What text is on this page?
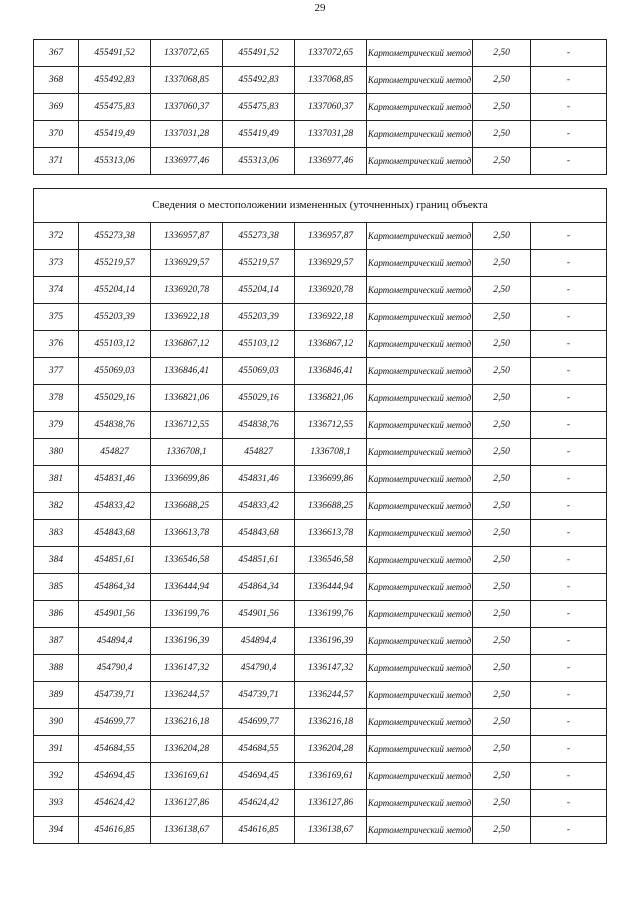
29
367	455491,52	1337072,65	455491,52	1337072,65	Картометрический метод	2,50	-
368	455492,83	1337068,85	455492,83	1337068,85	Картометрический метод	2,50	-
369	455475,83	1337060,37	455475,83	1337060,37	Картометрический метод	2,50	-
370	455419,49	1337031,28	455419,49	1337031,28	Картометрический метод	2,50	-
371	455313,06	1336977,46	455313,06	1336977,46	Картометрический метод	2,50	-
Сведения о местоположении измененных (уточненных) границ объекта							
372	455273,38	1336957,87	455273,38	1336957,87	Картометрический метод	2,50	-
373	455219,57	1336929,57	455219,57	1336929,57	Картометрический метод	2,50	-
374	455204,14	1336920,78	455204,14	1336920,78	Картометрический метод	2,50	-
375	455203,39	1336922,18	455203,39	1336922,18	Картометрический метод	2,50	-
376	455103,12	1336867,12	455103,12	1336867,12	Картометрический метод	2,50	-
377	455069,03	1336846,41	455069,03	1336846,41	Картометрический метод	2,50	-
378	455029,16	1336821,06	455029,16	1336821,06	Картометрический метод	2,50	-
379	454838,76	1336712,55	454838,76	1336712,55	Картометрический метод	2,50	-
380	454827	1336708,1	454827	1336708,1	Картометрический метод	2,50	-
381	454831,46	1336699,86	454831,46	1336699,86	Картометрический метод	2,50	-
382	454833,42	1336688,25	454833,42	1336688,25	Картометрический метод	2,50	-
383	454843,68	1336613,78	454843,68	1336613,78	Картометрический метод	2,50	-
384	454851,61	1336546,58	454851,61	1336546,58	Картометрический метод	2,50	-
385	454864,34	1336444,94	454864,34	1336444,94	Картометрический метод	2,50	-
386	454901,56	1336199,76	454901,56	1336199,76	Картометрический метод	2,50	-
387	454894,4	1336196,39	454894,4	1336196,39	Картометрический метод	2,50	-
388	454790,4	1336147,32	454790,4	1336147,32	Картометрический метод	2,50	-
389	454739,71	1336244,57	454739,71	1336244,57	Картометрический метод	2,50	-
390	454699,77	1336216,18	454699,77	1336216,18	Картометрический метод	2,50	-
391	454684,55	1336204,28	454684,55	1336204,28	Картометрический метод	2,50	-
392	454694,45	1336169,61	454694,45	1336169,61	Картометрический метод	2,50	-
393	454624,42	1336127,86	454624,42	1336127,86	Картометрический метод	2,50	-
394	454616,85	1336138,67	454616,85	1336138,67	Картометрический метод	2,50	-
